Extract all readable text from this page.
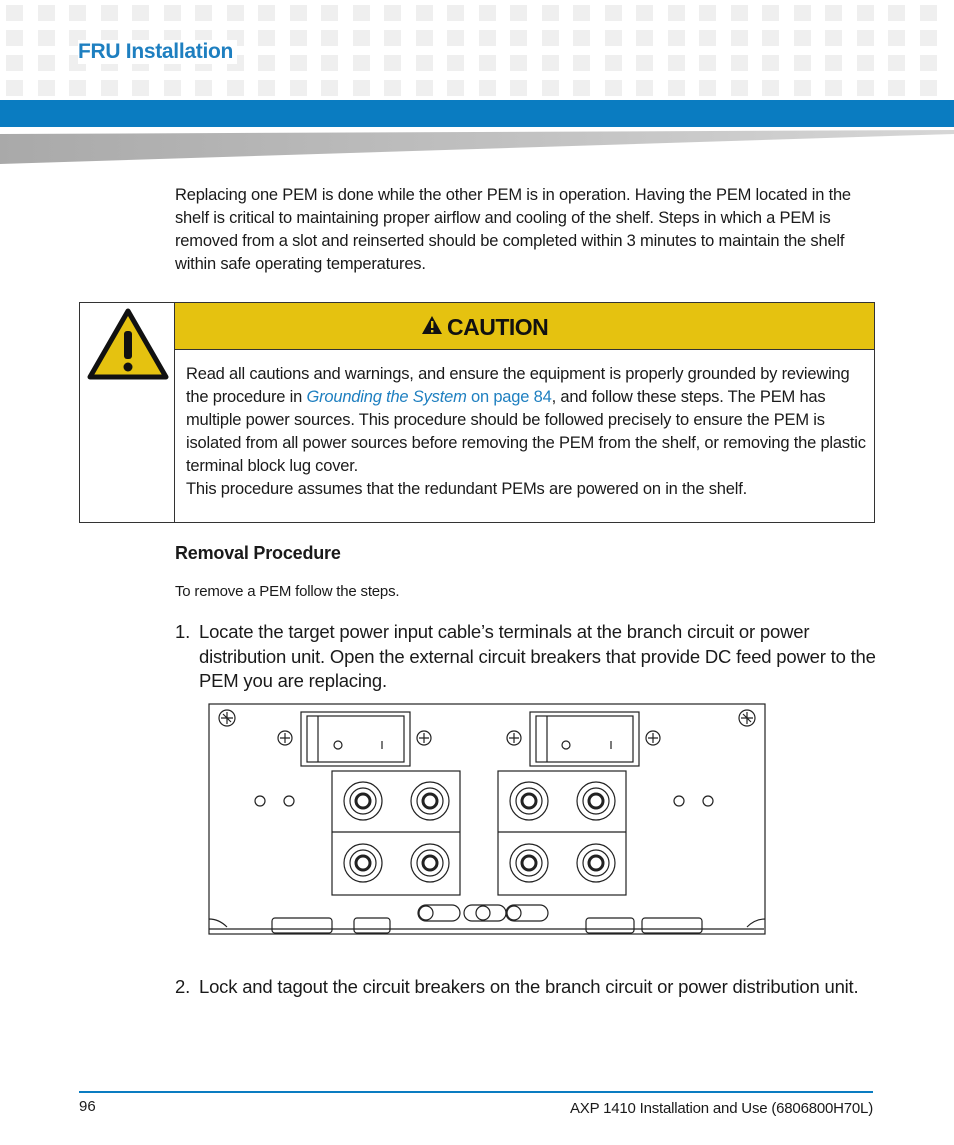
FRU Installation
Replacing one PEM is done while the other PEM is in operation. Having the PEM located in the shelf is critical to maintaining proper airflow and cooling of the shelf. Steps in which a PEM is removed from a slot and reinserted should be completed within 3 minutes to maintain the shelf within safe operating temperatures.
CAUTION
Read all cautions and warnings, and ensure the equipment is properly grounded by reviewing the procedure in Grounding the System on page 84, and follow these steps. The PEM has multiple power sources. This procedure should be followed precisely to ensure the PEM is isolated from all power sources before removing the PEM from the shelf, or removing the plastic terminal block lug cover.
This procedure assumes that the redundant PEMs are powered on in the shelf.
Removal Procedure
To remove a PEM follow the steps.
1. Locate the target power input cable’s terminals at the branch circuit or power distribution unit. Open the external circuit breakers that provide DC feed power to the PEM you are replacing.
2. Lock and tagout the circuit breakers on the branch circuit or power distribution unit.
96	AXP 1410 Installation and Use (6806800H70L)
